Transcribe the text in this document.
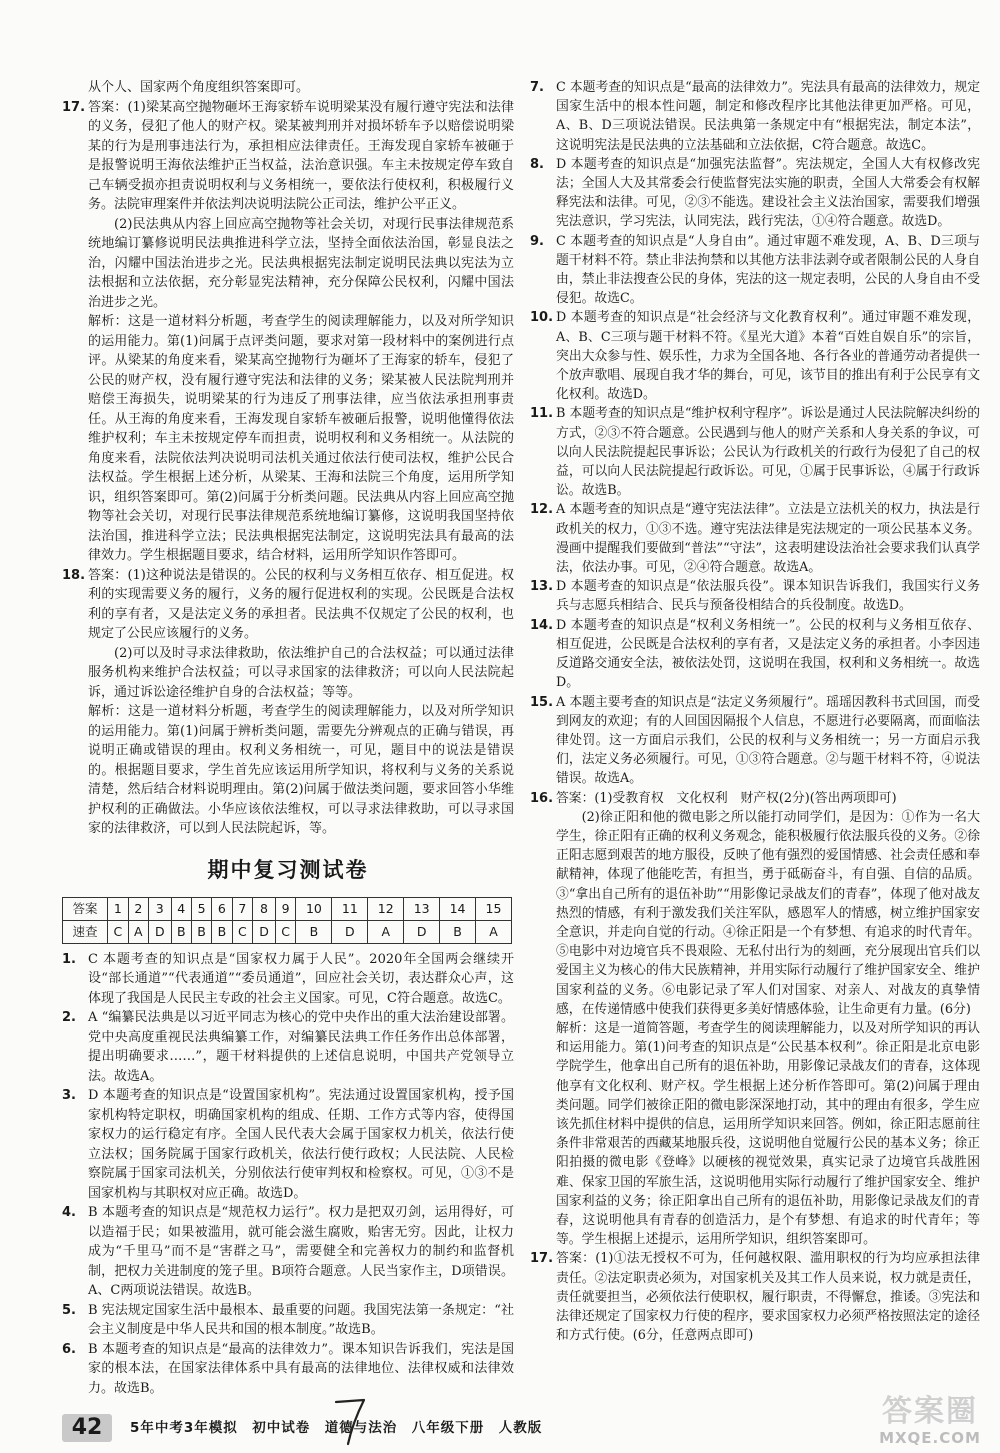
从个人、国家两个角度组织答案即可。

17. 答案：(1)梁某高空抛物砸坏王海家轿车说明梁某没有履行遵守宪法和法律的义务，侵犯了他人的财产权。梁某被判刑并对损坏轿车予以赔偿说明梁某的行为是刑事违法行为，承担相应法律责任。王海发现自家轿车被砸于是报警说明王海依法维护正当权益，法治意识强。车主未按规定停车致自己车辆受损亦担责说明权利与义务相统一，要依法行使权利，积极履行义务。法院审理案件并依法判决说明法院公正司法，维护公平正义。

(2)民法典从内容上回应高空抛物等社会关切，对现行民事法律规范系统地编订纂修说明民法典推进科学立法，坚持全面依法治国，彰显良法之治，闪耀中国法治进步之光。民法典根据宪法制定说明民法典以宪法为立法根据和立法依据，充分彰显宪法精神，充分保障公民权利，闪耀中国法治进步之光。

解析：这是一道材料分析题，考查学生的阅读理解能力，以及对所学知识的运用能力。第(1)问属于点评类问题，要求对第一段材料中的案例进行点评。从梁某的角度来看，梁某高空抛物行为砸坏了王海家的轿车，侵犯了公民的财产权，没有履行遵守宪法和法律的义务；梁某被人民法院判刑并赔偿王海损失，说明梁某的行为违反了刑事法律，应当依法承担刑事责任。从王海的角度来看，王海发现自家轿车被砸后报警，说明他懂得依法维护权利；车主未按规定停车而担责，说明权利和义务相统一。从法院的角度来看，法院依法判决说明司法机关通过依法行使司法权，维护公民合法权益。学生根据上述分析，从梁某、王海和法院三个角度，运用所学知识，组织答案即可。第(2)问属于分析类问题。民法典从内容上回应高空抛物等社会关切，对现行民事法律规范系统地编订纂修，这说明我国坚持依法治国，推进科学立法；民法典根据宪法制定，这说明宪法具有最高的法律效力。学生根据题目要求，结合材料，运用所学知识作答即可。

18. 答案：(1)这种说法是错误的。公民的权利与义务相互依存、相互促进。权利的实现需要义务的履行，义务的履行促进权利的实现。公民既是合法权利的享有者，又是法定义务的承担者。民法典不仅规定了公民的权利，也规定了公民应该履行的义务。

(2)可以及时寻求法律救助，依法维护自己的合法权益；可以通过法律服务机构来维护合法权益；可以寻求国家的法律救济；可以向人民法院起诉，通过诉讼途径维护自身的合法权益；等等。

解析：这是一道材料分析题，考查学生的阅读理解能力，以及对所学知识的运用能力。第(1)问属于辨析类问题，需要先分辨观点的正确与错误，再说明正确或错误的理由。权利义务相统一，可见，题目中的说法是错误的。根据题目要求，学生首先应该运用所学知识，将权利与义务的关系说清楚，然后结合材料说明理由。第(2)问属于做法类问题，要求回答小华维护权利的正确做法。小华应该依法维权，可以寻求法律救助，可以寻求国家的法律救济，可以到人民法院起诉，等。

期中复习测试卷
答案	1	2	3	4	5	6	7	8	9	10	11	12	13	14	15
速查	C	A	D	B	B	B	C	D	C	B	D	A	D	B	A
1. C 本题考查的知识点是“国家权力属于人民”。2020年全国两会继续开设“部长通道”“代表通道”“委员通道”，回应社会关切，表达群众心声，这体现了我国是人民民主专政的社会主义国家。可见，C符合题意。故选C。
2. A “编纂民法典是以习近平同志为核心的党中央作出的重大法治建设部署。党中央高度重视民法典编纂工作，对编纂民法典工作任务作出总体部署，提出明确要求……”，题干材料提供的上述信息说明，中国共产党领导立法。故选A。
3. D 本题考查的知识点是“设置国家机构”。宪法通过设置国家机构，授予国家机构特定职权，明确国家机构的组成、任期、工作方式等内容，使得国家权力的运行稳定有序。全国人民代表大会属于国家权力机关，依法行使立法权；国务院属于国家行政机关，依法行使行政权；人民法院、人民检察院属于国家司法机关，分别依法行使审判权和检察权。可见，①③不是国家机构与其职权对应正确。故选D。
4. B 本题考查的知识点是“规范权力运行”。权力是把双刃剑，运用得好，可以造福于民；如果被滥用，就可能会滋生腐败，贻害无穷。因此，让权力成为“千里马”而不是“害群之马”，需要健全和完善权力的制约和监督机制，把权力关进制度的笼子里。B项符合题意。人民当家作主，D项错误。A、C两项说法错误。故选B。
5. B 宪法规定国家生活中最根本、最重要的问题。我国宪法第一条规定：“社会主义制度是中华人民共和国的根本制度。”故选B。
6. B 本题考查的知识点是“最高的法律效力”。课本知识告诉我们，宪法是国家的根本法，在国家法律体系中具有最高的法律地位、法律权威和法律效力。故选B。
7. C 本题考查的知识点是“最高的法律效力”。宪法具有最高的法律效力，规定国家生活中的根本性问题，制定和修改程序比其他法律更加严格。可见，A、B、D三项说法错误。民法典第一条规定中有“根据宪法，制定本法”，这说明宪法是民法典的立法基础和立法依据，C符合题意。故选C。
8. D 本题考查的知识点是“加强宪法监督”。宪法规定，全国人大有权修改宪法；全国人大及其常委会行使监督宪法实施的职责，全国人大常委会有权解释宪法和法律。可见，②③不能选。建设社会主义法治国家，需要我们增强宪法意识，学习宪法，认同宪法，践行宪法，①④符合题意。故选D。
9. C 本题考查的知识点是“人身自由”。通过审题不难发现，A、B、D三项与题干材料不符。禁止非法拘禁和以其他方法非法剥夺或者限制公民的人身自由，禁止非法搜查公民的身体，宪法的这一规定表明，公民的人身自由不受侵犯。故选C。
10. D 本题考查的知识点是“社会经济与文化教育权利”。通过审题不难发现，A、B、C三项与题干材料不符。《星光大道》本着“百姓自娱自乐”的宗旨，突出大众参与性、娱乐性，力求为全国各地、各行各业的普通劳动者提供一个放声歌唱、展现自我才华的舞台，可见，该节目的推出有利于公民享有文化权利。故选D。
11. B 本题考查的知识点是“维护权利守程序”。诉讼是通过人民法院解决纠纷的方式，②③不符合题意。公民遇到与他人的财产关系和人身关系的争议，可以向人民法院提起民事诉讼；公民认为行政机关的行政行为侵犯了自己的权益，可以向人民法院提起行政诉讼。可见，①属于民事诉讼，④属于行政诉讼。故选B。
12. A 本题考查的知识点是“遵守宪法法律”。立法是立法机关的权力，执法是行政机关的权力，①③不选。遵守宪法法律是宪法规定的一项公民基本义务。漫画中提醒我们要做到“普法”“守法”，这表明建设法治社会要求我们认真学法，依法办事。可见，②④符合题意。故选A。
13. D 本题考查的知识点是“依法服兵役”。课本知识告诉我们，我国实行义务兵与志愿兵相结合、民兵与预备役相结合的兵役制度。故选D。
14. D 本题考查的知识点是“权利义务相统一”。公民的权利与义务相互依存、相互促进，公民既是合法权利的享有者，又是法定义务的承担者。小李因违反道路交通安全法，被依法处罚，这说明在我国，权利和义务相统一。故选D。
15. A 本题主要考查的知识点是“法定义务须履行”。瑶瑶因教科书式回国，而受到网友的欢迎；有的人回国因隔报个人信息，不愿进行必要隔离，而面临法律处罚。这一方面启示我们，公民的权利与义务相统一；另一方面启示我们，法定义务必须履行。可见，①③符合题意。②与题干材料不符，④说法错误。故选A。
16. 答案：(1)受教育权　文化权利　财产权(2分)(答出两项即可)

(2)徐正阳和他的微电影之所以能打动同学们，是因为：①作为一名大学生，徐正阳有正确的权利义务观念，能积极履行依法服兵役的义务。②徐正阳志愿到艰苦的地方服役，反映了他有强烈的爱国情感、社会责任感和奉献精神，体现了他能吃苦，有担当，勇于砥砺奋斗，有自强、自信的品质。③“拿出自己所有的退伍补助”“用影像记录战友们的青春”，体现了他对战友热烈的情感，有利于激发我们关注军队，感恩军人的情感，树立维护国家安全意识，并走向自觉的行动。④徐正阳是一个有梦想、有追求的时代青年。⑤电影中对边境官兵不畏艰险、无私付出行为的刻画，充分展现出官兵们以爱国主义为核心的伟大民族精神，并用实际行动履行了维护国家安全、维护国家利益的义务。⑥电影记录了军人们对国家、对亲人、对战友的真挚情感，在传递情感中使我们获得更多美好情感体验，让生命更有力量。(6分)

解析：这是一道简答题，考查学生的阅读理解能力，以及对所学知识的再认和运用能力。第(1)问考查的知识点是“公民基本权利”。徐正阳是北京电影学院学生，他拿出自己所有的退伍补助，用影像记录战友们的青春，这体现他享有文化权利、财产权。学生根据上述分析作答即可。第(2)问属于理由类问题。同学们被徐正阳的微电影深深地打动，其中的理由有很多，学生应该先抓住材料中提供的信息，运用所学知识来回答。例如，徐正阳志愿前往条件非常艰苦的西藏某地服兵役，这说明他自觉履行公民的基本义务；徐正阳拍摄的微电影《登峰》以硬核的视觉效果，真实记录了边境官兵战胜困难、保家卫国的军旅生活，这说明他用实际行动履行了维护国家安全、维护国家利益的义务；徐正阳拿出自己所有的退伍补助，用影像记录战友们的青春，这说明他具有青春的创造活力，是个有梦想、有追求的时代青年；等等。学生根据上述提示，运用所学知识，组织答案即可。

17. 答案：(1)①法无授权不可为，任何越权限、滥用职权的行为均应承担法律责任。②法定职责必须为，对国家机关及其工作人员来说，权力就是责任，责任就要担当，必须依法行使职权，履行职责，不得懈怠，推诿。③宪法和法律还规定了国家权力行使的程序，要求国家权力必须严格按照法定的途径和方式行使。(6分，任意两点即可)

42	5年中考3年模拟　初中试卷　道德与法治　八年级下册　人教版	答案圈
MXQE.COM
